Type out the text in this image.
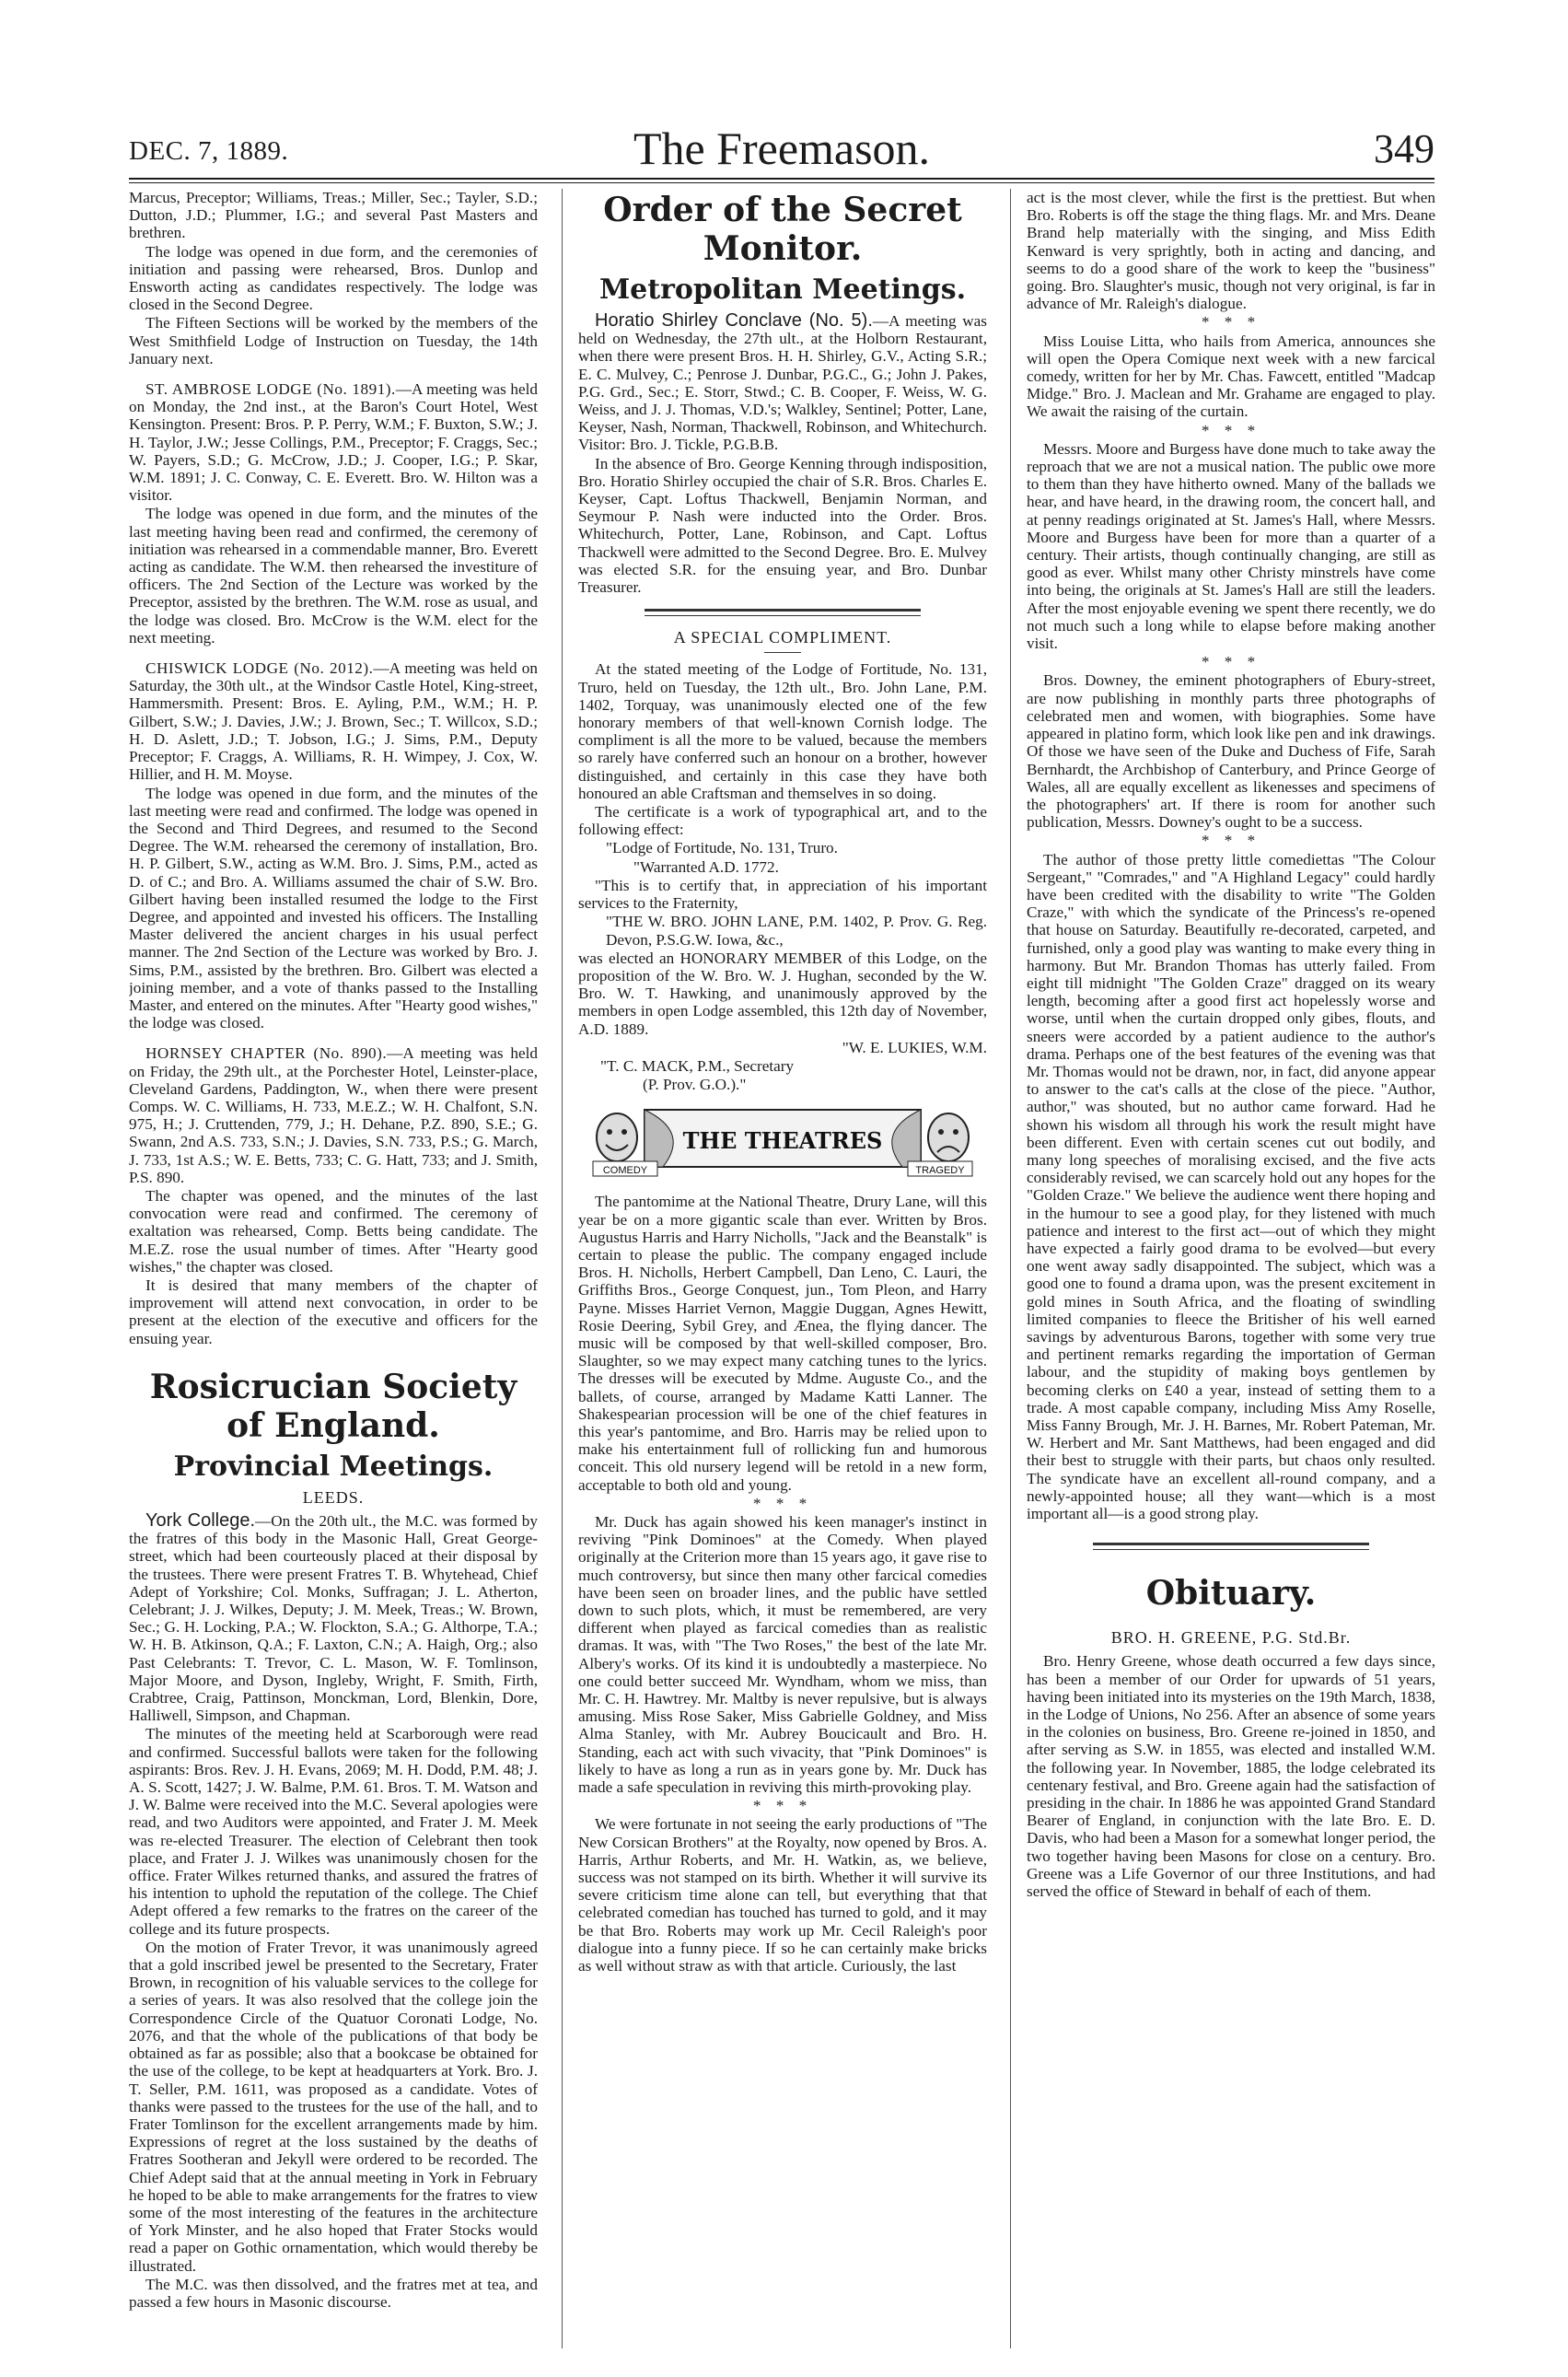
DEC. 7, 1889.	The Freemason.	349

Marcus, Preceptor; Williams, Treas.; Miller, Sec.; Tayler, S.D.; Dutton, J.D.; Plummer, I.G.; and several Past Masters and brethren.

The lodge was opened in due form, and the ceremonies of initiation and passing were rehearsed, Bros. Dunlop and Ensworth acting as candidates respectively. The lodge was closed in the Second Degree.

The Fifteen Sections will be worked by the members of the West Smithfield Lodge of Instruction on Tuesday, the 14th January next.

ST. AMBROSE LODGE (No. 1891).—A meeting was held on Monday, the 2nd inst., at the Baron's Court Hotel, West Kensington. Present: Bros. P. P. Perry, W.M.; F. Buxton, S.W.; J. H. Taylor, J.W.; Jesse Collings, P.M., Preceptor; F. Craggs, Sec.; W. Payers, S.D.; G. McCrow, J.D.; J. Cooper, I.G.; P. Skar, W.M. 1891; J. C. Conway, C. E. Everett. Bro. W. Hilton was a visitor.

The lodge was opened in due form, and the minutes of the last meeting having been read and confirmed, the ceremony of initiation was rehearsed in a commendable manner, Bro. Everett acting as candidate. The W.M. then rehearsed the investiture of officers. The 2nd Section of the Lecture was worked by the Preceptor, assisted by the brethren. The W.M. rose as usual, and the lodge was closed. Bro. McCrow is the W.M. elect for the next meeting.

CHISWICK LODGE (No. 2012).—A meeting was held on Saturday, the 30th ult., at the Windsor Castle Hotel, King-street, Hammersmith. Present: Bros. E. Ayling, P.M., W.M.; H. P. Gilbert, S.W.; J. Davies, J.W.; J. Brown, Sec.; T. Willcox, S.D.; H. D. Aslett, J.D.; T. Jobson, I.G.; J. Sims, P.M., Deputy Preceptor; F. Craggs, A. Williams, R. H. Wimpey, J. Cox, W. Hillier, and H. M. Moyse.

The lodge was opened in due form, and the minutes of the last meeting were read and confirmed. The lodge was opened in the Second and Third Degrees, and resumed to the Second Degree. The W.M. rehearsed the ceremony of installation, Bro. H. P. Gilbert, S.W., acting as W.M. Bro. J. Sims, P.M., acted as D. of C.; and Bro. A. Williams assumed the chair of S.W. Bro. Gilbert having been installed resumed the lodge to the First Degree, and appointed and invested his officers. The Installing Master delivered the ancient charges in his usual perfect manner. The 2nd Section of the Lecture was worked by Bro. J. Sims, P.M., assisted by the brethren. Bro. Gilbert was elected a joining member, and a vote of thanks passed to the Installing Master, and entered on the minutes. After "Hearty good wishes," the lodge was closed.

HORNSEY CHAPTER (No. 890).—A meeting was held on Friday, the 29th ult., at the Porchester Hotel, Leinster-place, Cleveland Gardens, Paddington, W., when there were present Comps. W. C. Williams, H. 733, M.E.Z.; W. H. Chalfont, S.N. 975, H.; J. Cruttenden, 779, J.; H. Dehane, P.Z. 890, S.E.; G. Swann, 2nd A.S. 733, S.N.; J. Davies, S.N. 733, P.S.; G. March, J. 733, 1st A.S.; W. E. Betts, 733; C. G. Hatt, 733; and J. Smith, P.S. 890.

The chapter was opened, and the minutes of the last convocation were read and confirmed. The ceremony of exaltation was rehearsed, Comp. Betts being candidate. The M.E.Z. rose the usual number of times. After "Hearty good wishes," the chapter was closed.

It is desired that many members of the chapter of improvement will attend next convocation, in order to be present at the election of the executive and officers for the ensuing year.

Rosicrucian Society of England.
Provincial Meetings.
LEEDS.

York College.—On the 20th ult., the M.C. was formed by the fratres of this body in the Masonic Hall, Great George-street, which had been courteously placed at their disposal by the trustees. There were present Fratres T. B. Whytehead, Chief Adept of Yorkshire; Col. Monks, Suffragan; J. L. Atherton, Celebrant; J. J. Wilkes, Deputy; J. M. Meek, Treas.; W. Brown, Sec.; G. H. Locking, P.A.; W. Flockton, S.A.; G. Althorpe, T.A.; W. H. B. Atkinson, Q.A.; F. Laxton, C.N.; A. Haigh, Org.; also Past Celebrants: T. Trevor, C. L. Mason, W. F. Tomlinson, Major Moore, and Dyson, Ingleby, Wright, F. Smith, Firth, Crabtree, Craig, Pattinson, Monckman, Lord, Blenkin, Dore, Halliwell, Simpson, and Chapman.

The minutes of the meeting held at Scarborough were read and confirmed. Successful ballots were taken for the following aspirants: Bros. Rev. J. H. Evans, 2069; M. H. Dodd, P.M. 48; J. A. S. Scott, 1427; J. W. Balme, P.M. 61. Bros. T. M. Watson and J. W. Balme were received into the M.C. Several apologies were read, and two Auditors were appointed, and Frater J. M. Meek was re-elected Treasurer. The election of Celebrant then took place, and Frater J. J. Wilkes was unanimously chosen for the office. Frater Wilkes returned thanks, and assured the fratres of his intention to uphold the reputation of the college. The Chief Adept offered a few remarks to the fratres on the career of the college and its future prospects.

On the motion of Frater Trevor, it was unanimously agreed that a gold inscribed jewel be presented to the Secretary, Frater Brown, in recognition of his valuable services to the college for a series of years. It was also resolved that the college join the Correspondence Circle of the Quatuor Coronati Lodge, No. 2076, and that the whole of the publications of that body be obtained as far as possible; also that a bookcase be obtained for the use of the college, to be kept at headquarters at York. Bro. J. T. Seller, P.M. 1611, was proposed as a candidate. Votes of thanks were passed to the trustees for the use of the hall, and to Frater Tomlinson for the excellent arrangements made by him. Expressions of regret at the loss sustained by the deaths of Fratres Sootheran and Jekyll were ordered to be recorded. The Chief Adept said that at the annual meeting in York in February he hoped to be able to make arrangements for the fratres to view some of the most interesting of the features in the architecture of York Minster, and he also hoped that Frater Stocks would read a paper on Gothic ornamentation, which would thereby be illustrated.

The M.C. was then dissolved, and the fratres met at tea, and passed a few hours in Masonic discourse.

Order of the Secret Monitor.
Metropolitan Meetings.

Horatio Shirley Conclave (No. 5).—A meeting was held on Wednesday, the 27th ult., at the Holborn Restaurant, when there were present Bros. H. H. Shirley, G.V., Acting S.R.; E. C. Mulvey, C.; Penrose J. Dunbar, P.G.C., G.; John J. Pakes, P.G. Grd., Sec.; E. Storr, Stwd.; C. B. Cooper, F. Weiss, W. G. Weiss, and J. J. Thomas, V.D.'s; Walkley, Sentinel; Potter, Lane, Keyser, Nash, Norman, Thackwell, Robinson, and Whitechurch. Visitor: Bro. J. Tickle, P.G.B.B.

In the absence of Bro. George Kenning through indisposition, Bro. Horatio Shirley occupied the chair of S.R. Bros. Charles E. Keyser, Capt. Loftus Thackwell, Benjamin Norman, and Seymour P. Nash were inducted into the Order. Bros. Whitechurch, Potter, Lane, Robinson, and Capt. Loftus Thackwell were admitted to the Second Degree. Bro. E. Mulvey was elected S.R. for the ensuing year, and Bro. Dunbar Treasurer.

A SPECIAL COMPLIMENT.

At the stated meeting of the Lodge of Fortitude, No. 131, Truro, held on Tuesday, the 12th ult., Bro. John Lane, P.M. 1402, Torquay, was unanimously elected one of the few honorary members of that well-known Cornish lodge. The compliment is all the more to be valued, because the members so rarely have conferred such an honour on a brother, however distinguished, and certainly in this case they have both honoured an able Craftsman and themselves in so doing.

The certificate is a work of typographical art, and to the following effect:

"Lodge of Fortitude, No. 131, Truro.

"Warranted A.D. 1772.

"This is to certify that, in appreciation of his important services to the Fraternity,

"THE W. BRO. JOHN LANE, P.M. 1402, P. Prov. G. Reg. Devon, P.S.G.W. Iowa, &c.,

was elected an HONORARY MEMBER of this Lodge, on the proposition of the W. Bro. W. J. Hughan, seconded by the W. Bro. W. T. Hawking, and unanimously approved by the members in open Lodge assembled, this 12th day of November, A.D. 1889.

"W. E. LUKIES, W.M.

"T. C. MACK, P.M., Secretary

(P. Prov. G.O.)."

THE THEATRES
COMEDY	TRAGEDY

The pantomime at the National Theatre, Drury Lane, will this year be on a more gigantic scale than ever. Written by Bros. Augustus Harris and Harry Nicholls, "Jack and the Beanstalk" is certain to please the public. The company engaged include Bros. H. Nicholls, Herbert Campbell, Dan Leno, C. Lauri, the Griffiths Bros., George Conquest, jun., Tom Pleon, and Harry Payne. Misses Harriet Vernon, Maggie Duggan, Agnes Hewitt, Rosie Deering, Sybil Grey, and Ænea, the flying dancer. The music will be composed by that well-skilled composer, Bro. Slaughter, so we may expect many catching tunes to the lyrics. The dresses will be executed by Mdme. Auguste Co., and the ballets, of course, arranged by Madame Katti Lanner. The Shakespearian procession will be one of the chief features in this year's pantomime, and Bro. Harris may be relied upon to make his entertainment full of rollicking fun and humorous conceit. This old nursery legend will be retold in a new form, acceptable to both old and young.

* * *

Mr. Duck has again showed his keen manager's instinct in reviving "Pink Dominoes" at the Comedy. When played originally at the Criterion more than 15 years ago, it gave rise to much controversy, but since then many other farcical comedies have been seen on broader lines, and the public have settled down to such plots, which, it must be remembered, are very different when played as farcical comedies than as realistic dramas. It was, with "The Two Roses," the best of the late Mr. Albery's works. Of its kind it is undoubtedly a masterpiece. No one could better succeed Mr. Wyndham, whom we miss, than Mr. C. H. Hawtrey. Mr. Maltby is never repulsive, but is always amusing. Miss Rose Saker, Miss Gabrielle Goldney, and Miss Alma Stanley, with Mr. Aubrey Boucicault and Bro. H. Standing, each act with such vivacity, that "Pink Dominoes" is likely to have as long a run as in years gone by. Mr. Duck has made a safe speculation in reviving this mirth-provoking play.

* * *

We were fortunate in not seeing the early productions of "The New Corsican Brothers" at the Royalty, now opened by Bros. A. Harris, Arthur Roberts, and Mr. H. Watkin, as, we believe, success was not stamped on its birth. Whether it will survive its severe criticism time alone can tell, but everything that that celebrated comedian has touched has turned to gold, and it may be that Bro. Roberts may work up Mr. Cecil Raleigh's poor dialogue into a funny piece. If so he can certainly make bricks as well without straw as with that article. Curiously, the last

act is the most clever, while the first is the prettiest. But when Bro. Roberts is off the stage the thing flags. Mr. and Mrs. Deane Brand help materially with the singing, and Miss Edith Kenward is very sprightly, both in acting and dancing, and seems to do a good share of the work to keep the "business" going. Bro. Slaughter's music, though not very original, is far in advance of Mr. Raleigh's dialogue.

* * *

Miss Louise Litta, who hails from America, announces she will open the Opera Comique next week with a new farcical comedy, written for her by Mr. Chas. Fawcett, entitled "Madcap Midge." Bro. J. Maclean and Mr. Grahame are engaged to play. We await the raising of the curtain.

* * *

Messrs. Moore and Burgess have done much to take away the reproach that we are not a musical nation. The public owe more to them than they have hitherto owned. Many of the ballads we hear, and have heard, in the drawing room, the concert hall, and at penny readings originated at St. James's Hall, where Messrs. Moore and Burgess have been for more than a quarter of a century. Their artists, though continually changing, are still as good as ever. Whilst many other Christy minstrels have come into being, the originals at St. James's Hall are still the leaders. After the most enjoyable evening we spent there recently, we do not much such a long while to elapse before making another visit.

* * *

Bros. Downey, the eminent photographers of Ebury-street, are now publishing in monthly parts three photographs of celebrated men and women, with biographies. Some have appeared in platino form, which look like pen and ink drawings. Of those we have seen of the Duke and Duchess of Fife, Sarah Bernhardt, the Archbishop of Canterbury, and Prince George of Wales, all are equally excellent as likenesses and specimens of the photographers' art. If there is room for another such publication, Messrs. Downey's ought to be a success.

* * *

The author of those pretty little comediettas "The Colour Sergeant," "Comrades," and "A Highland Legacy" could hardly have been credited with the disability to write "The Golden Craze," with which the syndicate of the Princess's re-opened that house on Saturday. Beautifully re-decorated, carpeted, and furnished, only a good play was wanting to make every thing in harmony. But Mr. Brandon Thomas has utterly failed. From eight till midnight "The Golden Craze" dragged on its weary length, becoming after a good first act hopelessly worse and worse, until when the curtain dropped only gibes, flouts, and sneers were accorded by a patient audience to the author's drama. Perhaps one of the best features of the evening was that Mr. Thomas would not be drawn, nor, in fact, did anyone appear to answer to the cat's calls at the close of the piece. "Author, author," was shouted, but no author came forward. Had he shown his wisdom all through his work the result might have been different. Even with certain scenes cut out bodily, and many long speeches of moralising excised, and the five acts considerably revised, we can scarcely hold out any hopes for the "Golden Craze." We believe the audience went there hoping and in the humour to see a good play, for they listened with much patience and interest to the first act—out of which they might have expected a fairly good drama to be evolved—but every one went away sadly disappointed. The subject, which was a good one to found a drama upon, was the present excitement in gold mines in South Africa, and the floating of swindling limited companies to fleece the Britisher of his well earned savings by adventurous Barons, together with some very true and pertinent remarks regarding the importation of German labour, and the stupidity of making boys gentlemen by becoming clerks on £40 a year, instead of setting them to a trade. A most capable company, including Miss Amy Roselle, Miss Fanny Brough, Mr. J. H. Barnes, Mr. Robert Pateman, Mr. W. Herbert and Mr. Sant Matthews, had been engaged and did their best to struggle with their parts, but chaos only resulted. The syndicate have an excellent all-round company, and a newly-appointed house; all they want—which is a most important all—is a good strong play.

Obituary.
BRO. H. GREENE, P.G. Std.Br.

Bro. Henry Greene, whose death occurred a few days since, has been a member of our Order for upwards of 51 years, having been initiated into its mysteries on the 19th March, 1838, in the Lodge of Unions, No 256. After an absence of some years in the colonies on business, Bro. Greene re-joined in 1850, and after serving as S.W. in 1855, was elected and installed W.M. the following year. In November, 1885, the lodge celebrated its centenary festival, and Bro. Greene again had the satisfaction of presiding in the chair. In 1886 he was appointed Grand Standard Bearer of England, in conjunction with the late Bro. E. D. Davis, who had been a Mason for a somewhat longer period, the two together having been Masons for close on a century. Bro. Greene was a Life Governor of our three Institutions, and had served the office of Steward in behalf of each of them.
